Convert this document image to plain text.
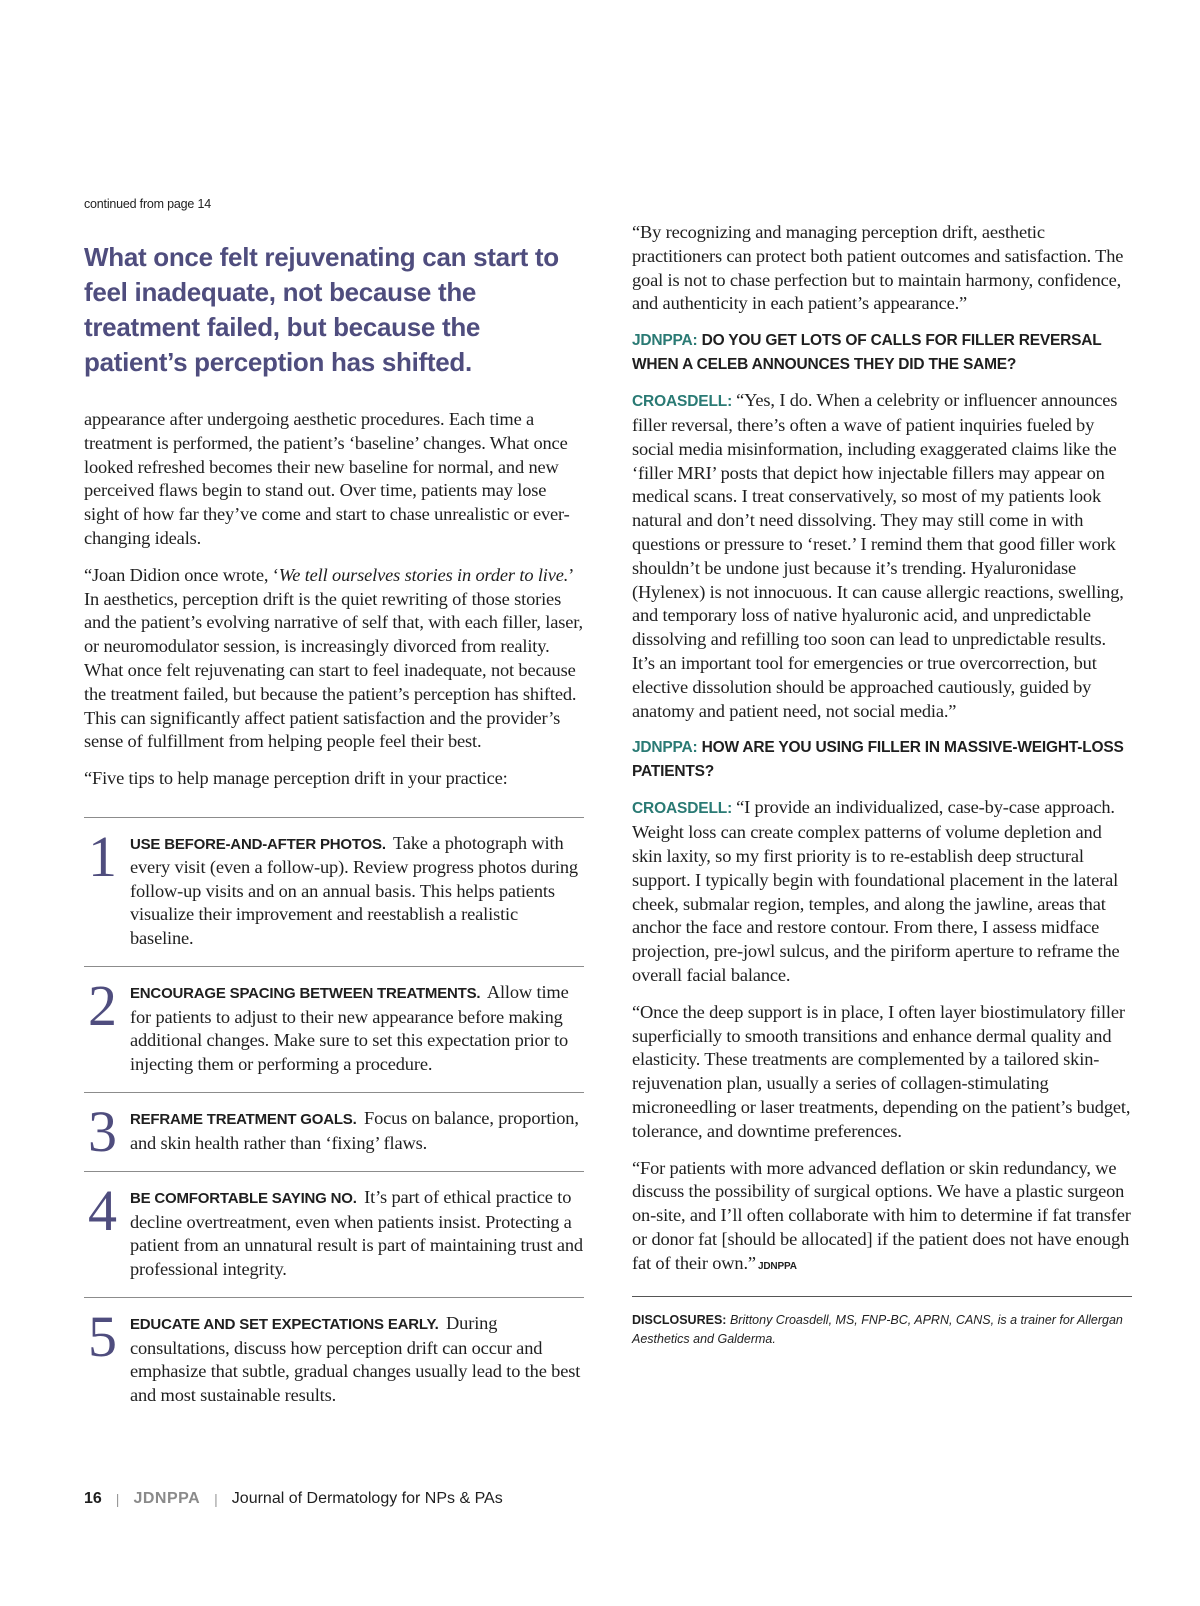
continued from page 14
What once felt rejuvenating can start to feel inadequate, not because the treatment failed, but because the patient’s perception has shifted.

appearance after undergoing aesthetic procedures. Each time a treatment is performed, the patient’s ‘baseline’ changes. What once looked refreshed becomes their new baseline for normal, and new perceived flaws begin to stand out. Over time, patients may lose sight of how far they’ve come and start to chase unrealistic or ever-changing ideals.

“Joan Didion once wrote, ‘We tell ourselves stories in order to live.’ In aesthetics, perception drift is the quiet rewriting of those stories and the patient’s evolving narrative of self that, with each filler, laser, or neuromodulator session, is increasingly divorced from reality. What once felt rejuvenating can start to feel inadequate, not because the treatment failed, but because the patient’s perception has shifted. This can significantly affect patient satisfaction and the provider’s sense of fulfillment from helping people feel their best.

“Five tips to help manage perception drift in your practice:

1 USE BEFORE-AND-AFTER PHOTOS. Take a photograph with every visit (even a follow-up). Review progress photos during follow-up visits and on an annual basis. This helps patients visualize their improvement and reestablish a realistic baseline.
2 ENCOURAGE SPACING BETWEEN TREATMENTS. Allow time for patients to adjust to their new appearance before making additional changes. Make sure to set this expectation prior to injecting them or performing a procedure.
3 REFRAME TREATMENT GOALS. Focus on balance, proportion, and skin health rather than ‘fixing’ flaws.
4 BE COMFORTABLE SAYING NO. It’s part of ethical practice to decline overtreatment, even when patients insist. Protecting a patient from an unnatural result is part of maintaining trust and professional integrity.
5 EDUCATE AND SET EXPECTATIONS EARLY. During consultations, discuss how perception drift can occur and emphasize that subtle, gradual changes usually lead to the best and most sustainable results.

“By recognizing and managing perception drift, aesthetic practitioners can protect both patient outcomes and satisfaction. The goal is not to chase perfection but to maintain harmony, confidence, and authenticity in each patient’s appearance.”

JDNPPA: DO YOU GET LOTS OF CALLS FOR FILLER REVERSAL WHEN A CELEB ANNOUNCES THEY DID THE SAME?

CROASDELL: “Yes, I do. When a celebrity or influencer announces filler reversal, there’s often a wave of patient inquiries fueled by social media misinformation, including exaggerated claims like the ‘filler MRI’ posts that depict how injectable fillers may appear on medical scans. I treat conservatively, so most of my patients look natural and don’t need dissolving. They may still come in with questions or pressure to ‘reset.’ I remind them that good filler work shouldn’t be undone just because it’s trending. Hyaluronidase (Hylenex) is not innocuous. It can cause allergic reactions, swelling, and temporary loss of native hyaluronic acid, and unpredictable dissolving and refilling too soon can lead to unpredictable results. It’s an important tool for emergencies or true overcorrection, but elective dissolution should be approached cautiously, guided by anatomy and patient need, not social media.”

JDNPPA: HOW ARE YOU USING FILLER IN MASSIVE-WEIGHT-LOSS PATIENTS?

CROASDELL: “I provide an individualized, case-by-case approach. Weight loss can create complex patterns of volume depletion and skin laxity, so my first priority is to re-establish deep structural support. I typically begin with foundational placement in the lateral cheek, submalar region, temples, and along the jawline, areas that anchor the face and restore contour. From there, I assess midface projection, pre-jowl sulcus, and the piriform aperture to reframe the overall facial balance.

“Once the deep support is in place, I often layer biostimulatory filler superficially to smooth transitions and enhance dermal quality and elasticity. These treatments are complemented by a tailored skin-rejuvenation plan, usually a series of collagen-stimulating microneedling or laser treatments, depending on the patient’s budget, tolerance, and downtime preferences.

“For patients with more advanced deflation or skin redundancy, we discuss the possibility of surgical options. We have a plastic surgeon on-site, and I’ll often collaborate with him to determine if fat transfer or donor fat [should be allocated] if the patient does not have enough fat of their own.” JDNPPA

DISCLOSURES: Brittony Croasdell, MS, FNP-BC, APRN, CANS, is a trainer for Allergan Aesthetics and Galderma.
16 | JDNPPA | Journal of Dermatology for NPs & PAs
